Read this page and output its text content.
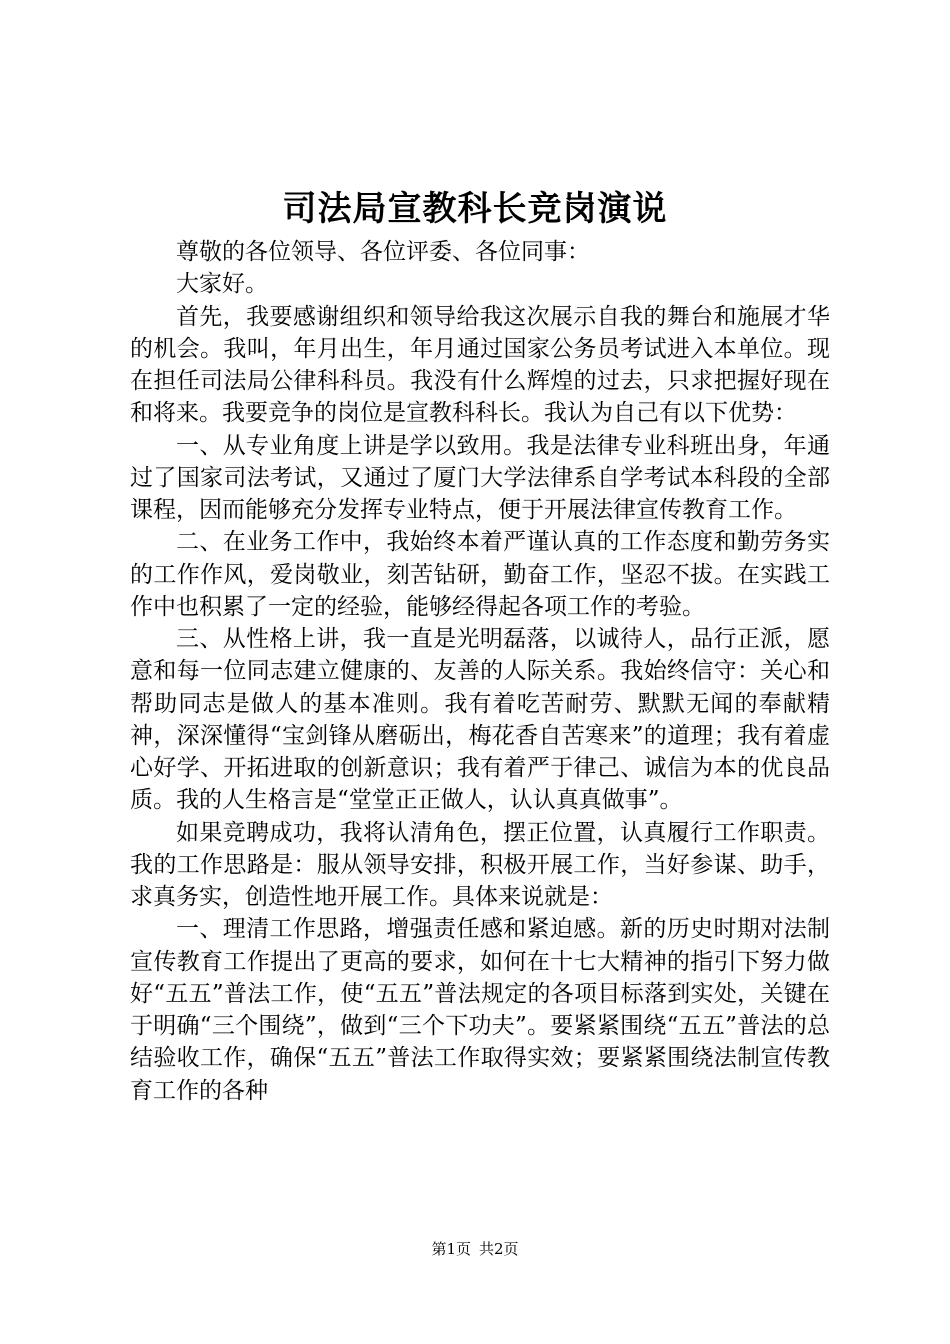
司法局宣教科长竞岗演说

尊敬的各位领导、各位评委、各位同事：

大家好。

首先，我要感谢组织和领导给我这次展示自我的舞台和施展才华的机会。我叫，年月出生，年月通过国家公务员考试进入本单位。现在担任司法局公律科科员。我没有什么辉煌的过去，只求把握好现在和将来。我要竞争的岗位是宣教科科长。我认为自己有以下优势：

一、从专业角度上讲是学以致用。我是法律专业科班出身，年通过了国家司法考试，又通过了厦门大学法律系自学考试本科段的全部课程，因而能够充分发挥专业特点，便于开展法律宣传教育工作。

二、在业务工作中，我始终本着严谨认真的工作态度和勤劳务实的工作作风，爱岗敬业，刻苦钻研，勤奋工作，坚忍不拔。在实践工作中也积累了一定的经验，能够经得起各项工作的考验。

三、从性格上讲，我一直是光明磊落，以诚待人，品行正派，愿意和每一位同志建立健康的、友善的人际关系。我始终信守：关心和帮助同志是做人的基本准则。我有着吃苦耐劳、默默无闻的奉献精神，深深懂得“宝剑锋从磨砺出，梅花香自苦寒来”的道理；我有着虚心好学、开拓进取的创新意识；我有着严于律己、诚信为本的优良品质。我的人生格言是“堂堂正正做人，认认真真做事”。

如果竞聘成功，我将认清角色，摆正位置，认真履行工作职责。我的工作思路是：服从领导安排，积极开展工作，当好参谋、助手，求真务实，创造性地开展工作。具体来说就是：

一、理清工作思路，增强责任感和紧迫感。新的历史时期对法制宣传教育工作提出了更高的要求，如何在十七大精神的指引下努力做好“五五”普法工作，使“五五”普法规定的各项目标落到实处，关键在于明确“三个围绕”，做到“三个下功夫”。要紧紧围绕“五五”普法的总结验收工作，确保“五五”普法工作取得实效；要紧紧围绕法制宣传教育工作的各种

第1页 共2页
